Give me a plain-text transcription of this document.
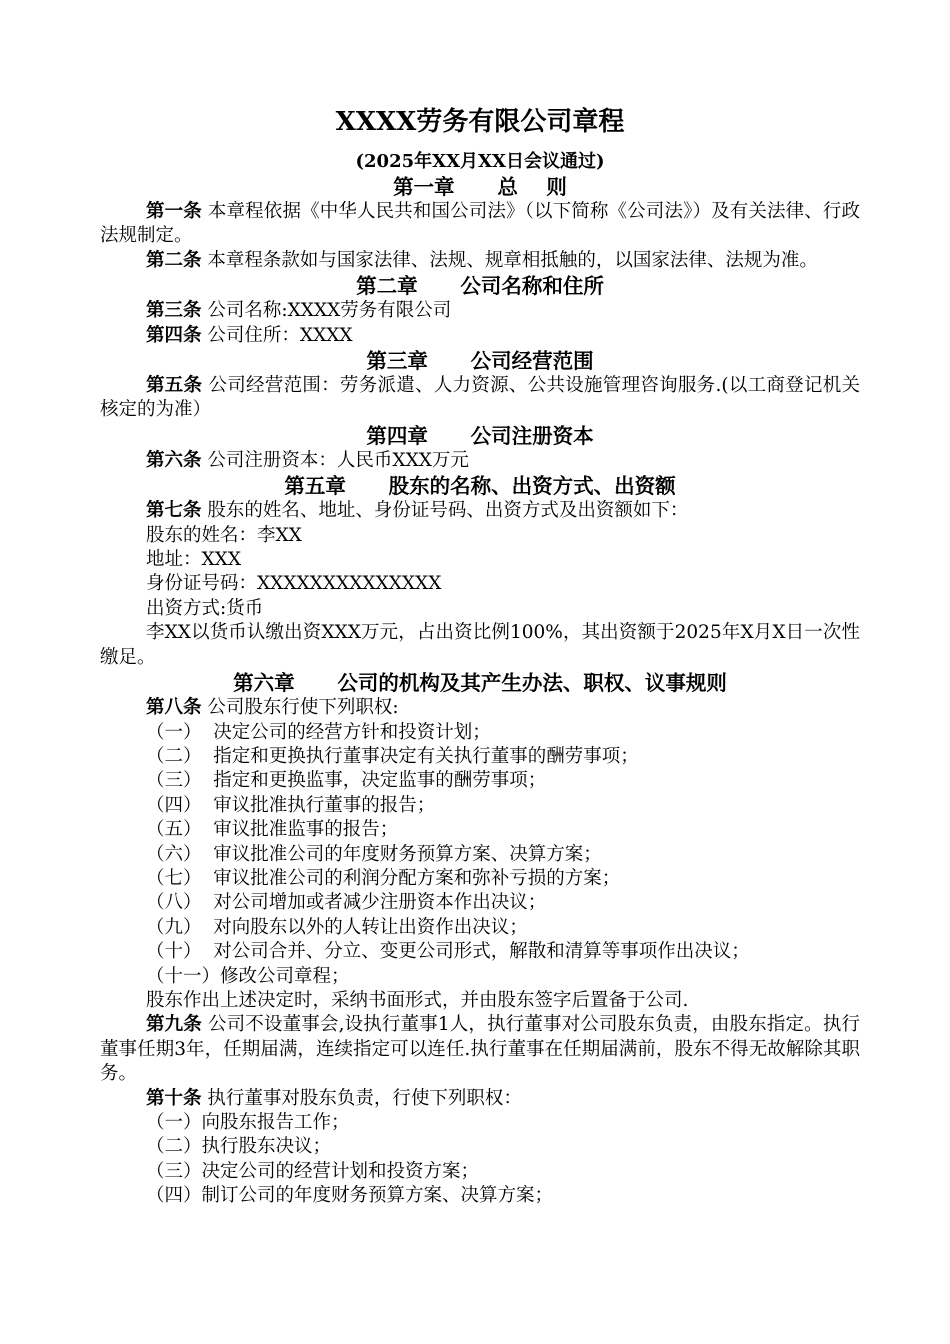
XXXX劳务有限公司章程

(2025年XX月XX日会议通过)

第一章      总    则

第一条 本章程依据《中华人民共和国公司法》（以下简称《公司法》）及有关法律、行政法规制定。

第二条 本章程条款如与国家法律、法规、规章相抵触的，以国家法律、法规为准。

第二章      公司名称和住所

第三条 公司名称:XXXX劳务有限公司

第四条 公司住所：XXXX

第三章      公司经营范围

第五条 公司经营范围：劳务派遣、人力资源、公共设施管理咨询服务.(以工商登记机关核定的为准）

第四章      公司注册资本

第六条 公司注册资本：人民币XXX万元

第五章      股东的名称、出资方式、出资额

第七条 股东的姓名、地址、身份证号码、出资方式及出资额如下：

股东的姓名：李XX

地址：XXX

身份证号码：XXXXXXXXXXXXXX

出资方式:货币

李XX以货币认缴出资XXX万元，占出资比例100%，其出资额于2025年X月X日一次性缴足。

第六章      公司的机构及其产生办法、职权、议事规则

第八条 公司股东行使下列职权:

（一）  决定公司的经营方针和投资计划；

（二）  指定和更换执行董事决定有关执行董事的酬劳事项；

（三）  指定和更换监事，决定监事的酬劳事项；

（四）  审议批准执行董事的报告；

（五）  审议批准监事的报告；

（六）  审议批准公司的年度财务预算方案、决算方案；

（七）  审议批准公司的利润分配方案和弥补亏损的方案；

（八）  对公司增加或者减少注册资本作出决议；

（九）  对向股东以外的人转让出资作出决议；

（十）  对公司合并、分立、变更公司形式，解散和清算等事项作出决议；

（十一）修改公司章程；

股东作出上述决定时，采纳书面形式，并由股东签字后置备于公司.

第九条 公司不设董事会,设执行董事1人，执行董事对公司股东负责，由股东指定。执行董事任期3年，任期届满，连续指定可以连任.执行董事在任期届满前，股东不得无故解除其职务。

第十条 执行董事对股东负责，行使下列职权：

（一）向股东报告工作；

（二）执行股东决议；

（三）决定公司的经营计划和投资方案；

（四）制订公司的年度财务预算方案、决算方案；
